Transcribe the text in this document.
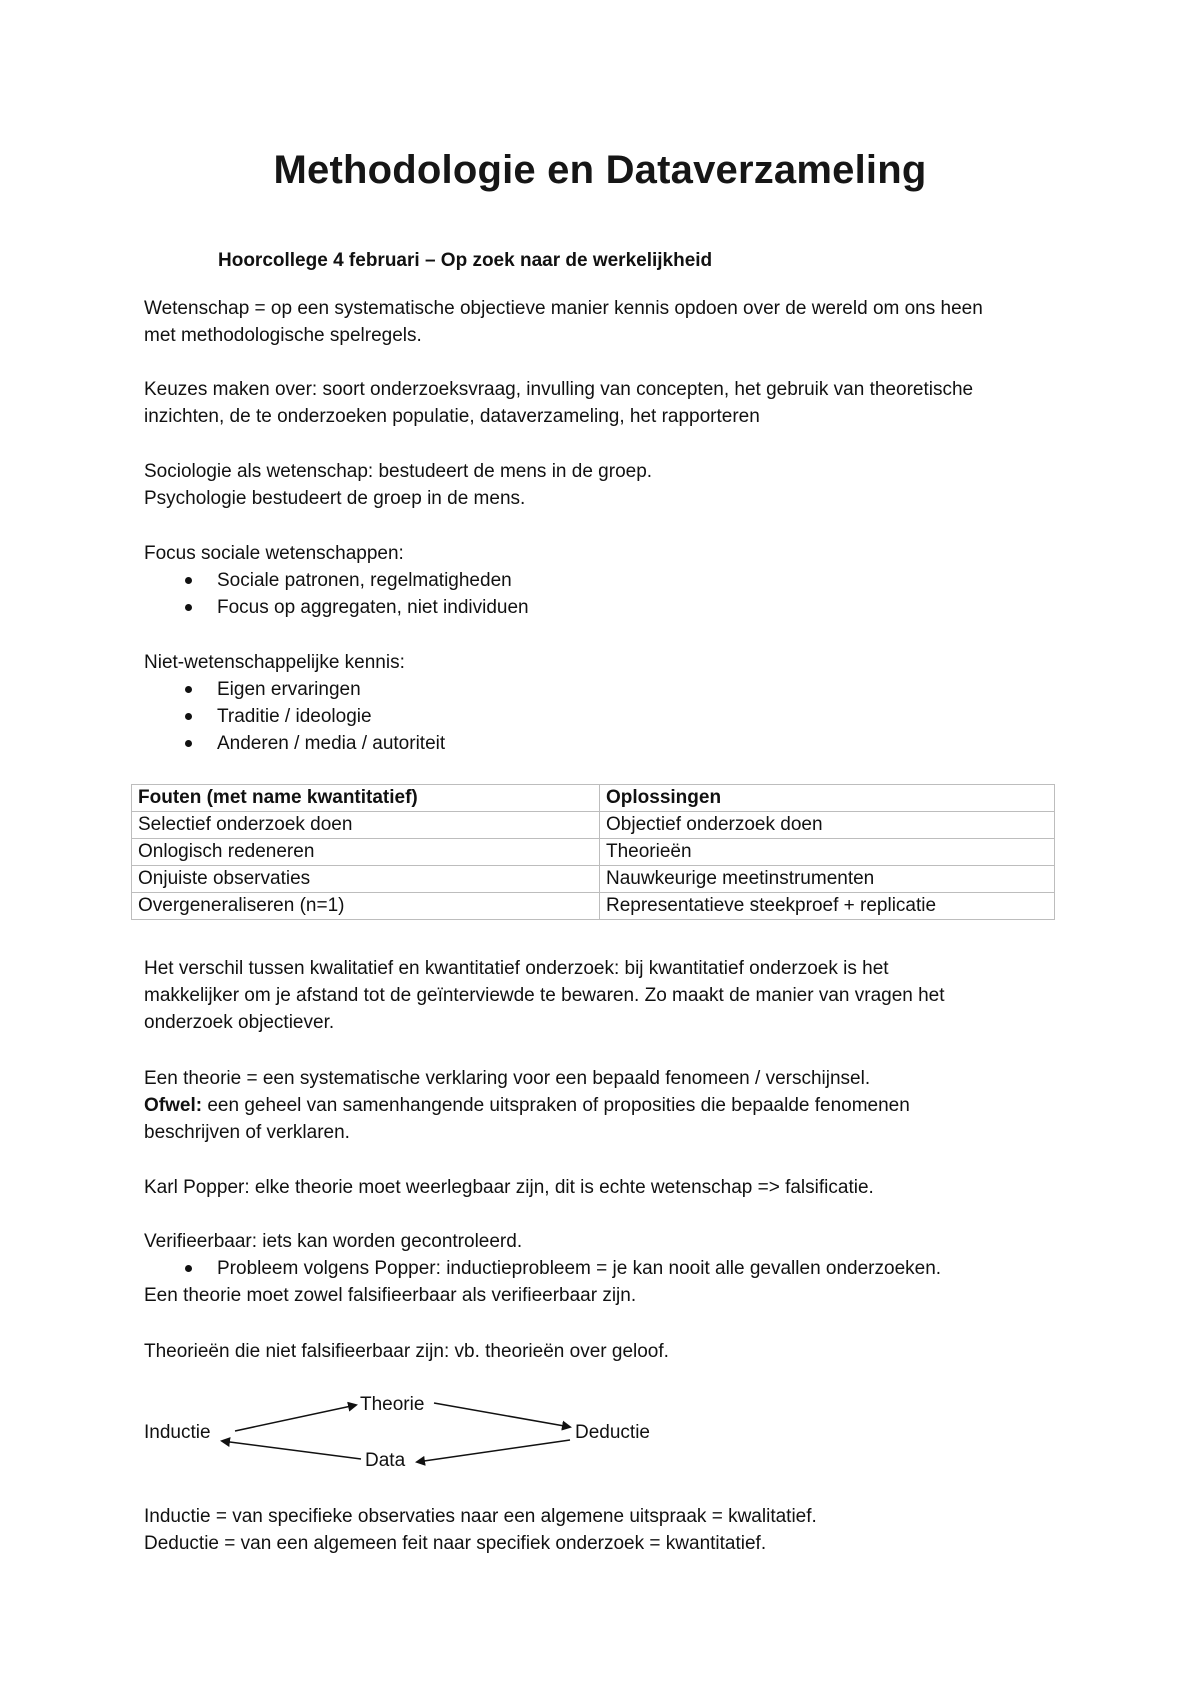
Methodologie en Dataverzameling
Hoorcollege 4 februari – Op zoek naar de werkelijkheid

Wetenschap = op een systematische objectieve manier kennis opdoen over de wereld om ons heen

met methodologische spelregels.

Keuzes maken over: soort onderzoeksvraag, invulling van concepten, het gebruik van theoretische

inzichten, de te onderzoeken populatie, dataverzameling, het rapporteren

Sociologie als wetenschap: bestudeert de mens in de groep.

Psychologie bestudeert de groep in de mens.

Focus sociale wetenschappen:

Sociale patronen, regelmatigheden
Focus op aggregaten, niet individuen

Niet-wetenschappelijke kennis:

Eigen ervaringen
Traditie / ideologie
Anderen / media / autoriteit
Fouten (met name kwantitatief)	Oplossingen
Selectief onderzoek doen	Objectief onderzoek doen
Onlogisch redeneren	Theorieën
Onjuiste observaties	Nauwkeurige meetinstrumenten
Overgeneraliseren (n=1)	Representatieve steekproef + replicatie

Het verschil tussen kwalitatief en kwantitatief onderzoek: bij kwantitatief onderzoek is het

makkelijker om je afstand tot de geïnterviewde te bewaren. Zo maakt de manier van vragen het

onderzoek objectiever.

Een theorie = een systematische verklaring voor een bepaald fenomeen / verschijnsel.

Ofwel: een geheel van samenhangende uitspraken of proposities die bepaalde fenomenen

beschrijven of verklaren.

Karl Popper: elke theorie moet weerlegbaar zijn, dit is echte wetenschap => falsificatie.

Verifieerbaar: iets kan worden gecontroleerd.

Probleem volgens Popper: inductieprobleem = je kan nooit alle gevallen onderzoeken.

Een theorie moet zowel falsifieerbaar als verifieerbaar zijn.

Theorieën die niet falsifieerbaar zijn: vb. theorieën over geloof.

Theorie
Inductie	Deductie
Data

Inductie = van specifieke observaties naar een algemene uitspraak = kwalitatief.

Deductie = van een algemeen feit naar specifiek onderzoek = kwantitatief.
